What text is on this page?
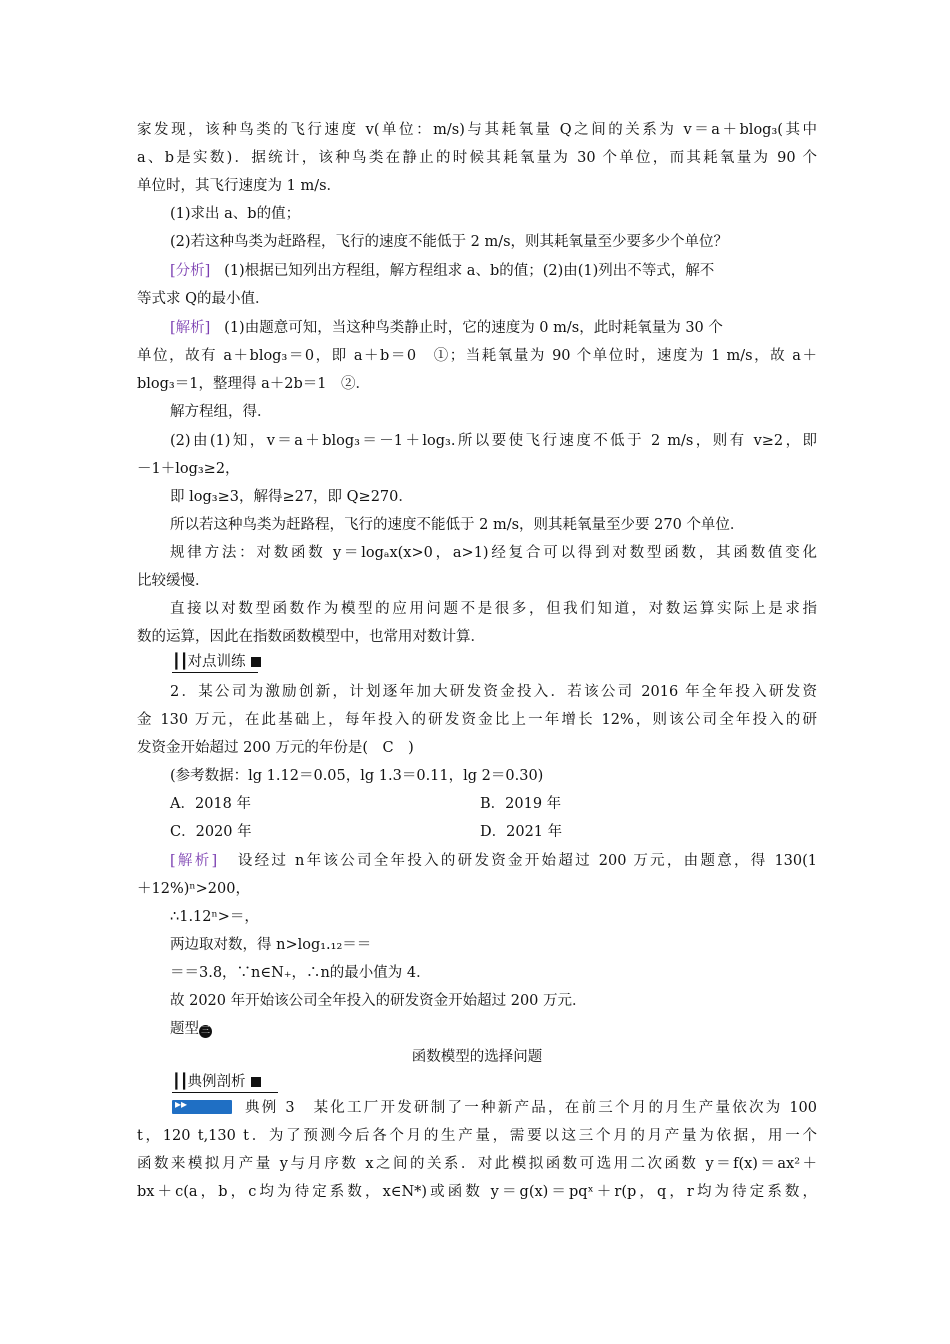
家发现，该种鸟类的飞行速度 v(单位：m/s)与其耗氧量 Q之间的关系为 v＝a＋blog₃(其中
a、b是实数)．据统计，该种鸟类在静止的时候其耗氧量为 30 个单位，而其耗氧量为 90 个
单位时，其飞行速度为 1 m/s．
(1)求出 a、b的值；
(2)若这种鸟类为赶路程，飞行的速度不能低于 2 m/s，则其耗氧量至少要多少个单位？
[分析] (1)根据已知列出方程组，解方程组求 a、b的值；(2)由(1)列出不等式，解不
等式求 Q的最小值．
[解析] (1)由题意可知，当这种鸟类静止时，它的速度为 0 m/s，此时耗氧量为 30 个
单位，故有 a＋blog₃＝0，即 a＋b＝0　①；当耗氧量为 90 个单位时，速度为 1 m/s，故 a＋
blog₃＝1，整理得 a＋2b＝1　②．
解方程组，得．
(2)由(1)知，v＝a＋blog₃＝－1＋log₃.所以要使飞行速度不低于 2 m/s，则有 v≥2，即
－1＋log₃≥2，
即 log₃≥3，解得≥27，即 Q≥270．
所以若这种鸟类为赶路程，飞行的速度不能低于 2 m/s，则其耗氧量至少要 270 个单位．
规律方法：对数函数 y＝logₐx(x>0，a>1)经复合可以得到对数型函数，其函数值变化
比较缓慢．
直接以对数型函数作为模型的应用问题不是很多，但我们知道，对数运算实际上是求指
数的运算，因此在指数函数模型中，也常用对数计算．
┃┃对点训练
2．某公司为激励创新，计划逐年加大研发资金投入．若该公司 2016 年全年投入研发资
金 130 万元，在此基础上，每年投入的研发资金比上一年增长 12%，则该公司全年投入的研
发资金开始超过 200 万元的年份是(　C　)
(参考数据：lg 1.12＝0.05，lg 1.3＝0.11，lg 2＝0.30)
A．2018 年	B．2019 年
C．2020 年	D．2021 年
[解析] 设经过 n年该公司全年投入的研发资金开始超过 200 万元，由题意，得 130(1
＋12%)ⁿ>200，
∴1.12ⁿ>＝，
两边取对数，得 n>log₁.₁₂＝＝
＝＝3.8，∵n∈N₊，∴n的最小值为 4．
故 2020 年开始该公司全年投入的研发资金开始超过 200 万元．
题型 三
函数模型的选择问题
┃┃典例剖析
▸▸	典例 3　某化工厂开发研制了一种新产品，在前三个月的月生产量依次为 100
t，120 t,130 t．为了预测今后各个月的生产量，需要以这三个月的月产量为依据，用一个
函数来模拟月产量 y与月序数 x之间的关系．对此模拟函数可选用二次函数 y＝f(x)＝ax²＋
bx＋c(a，b，c均为待定系数，x∈N*)或函数 y＝g(x)＝pqˣ＋r(p，q，r均为待定系数，
